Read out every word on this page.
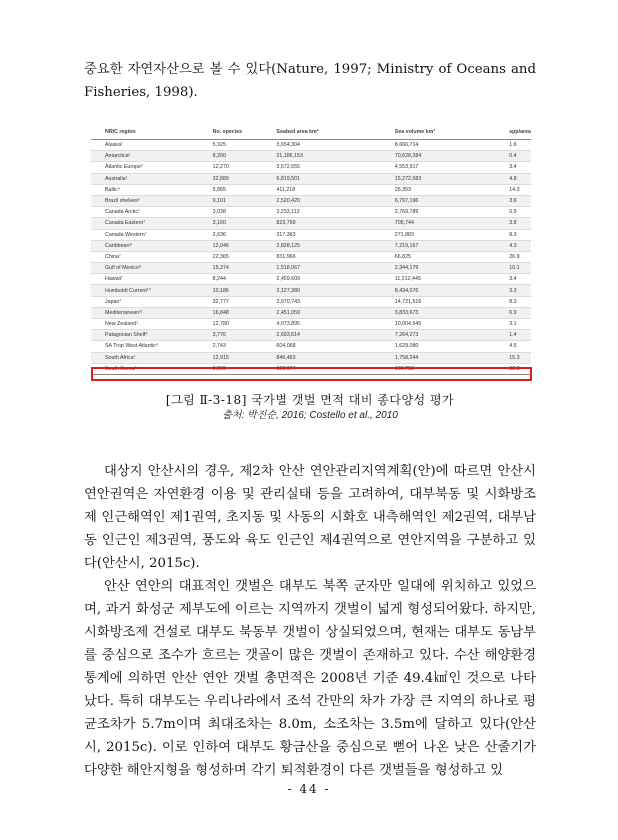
중요한 자연자산으로 볼 수 있다(Nature, 1997; Ministry of Oceans and Fisheries, 1998).

NRIC region	No. species	Seabed area km²	Sea volume km³	spp/area
Alaska¹	5,925	3,654,304	8,666,714	1.6
Antarctica²	8,200	21,186,153	70,628,284	0.4
Atlantic Europe³	12,270	3,572,655	4,553,917	3.4
Australia¹	32,889	6,819,501	15,272,583	4.8
Baltic⁵	5,865	411,218	26,353	14.3
Brazil shelves⁶	9,101	2,520,420	6,797,196	3.6
Canada Arctic⁷	3,038	3,233,113	2,769,789	0.9
Canada Eastern⁷	3,160	823,799	705,744	3.8
Canada Western⁷	2,636	317,363	271,883	8.3
Caribbean⁸	12,046	2,828,125	7,219,167	4.3
China⁷	22,365	831,966	66,825	26.9
Gulf of Mexico⁹	15,374	1,518,067	2,344,179	10.1
Hawaii⁷	8,244	2,459,609	11,212,445	3.4
Humboldt Current¹⁰	10,186	3,127,380	8,434,076	3.3
Japan⁷	32,777	3,970,743	14,721,516	8.3
Mediterranean¹¹	16,848	2,451,059	3,833,673	6.9
New Zealand¹	12,780	4,073,895	10,004,545	3.1
Patagonian Shelf⁶	3,776	2,693,614	7,264,273	1.4
SA Trop West Atlantic⁶	2,743	604,068	1,629,080	4.5
South Africa⁷	12,915	846,463	1,758,244	15.3
South Korea⁷	9,900	306,674	166,752	32.3
[그림 Ⅱ-3-18] 국가별 갯벌 면적 대비 종다양성 평가
출처: 박진순, 2016; Costello et al., 2010

대상지 안산시의 경우, 제2차 안산 연안관리지역계획(안)에 따르면 안산시 연안권역은 자연환경 이용 및 관리실태 등을 고려하여, 대부북동 및 시화방조제 인근해역인 제1권역, 초지동 및 사동의 시화호 내측해역인 제2권역, 대부남동 인근인 제3권역, 풍도와 육도 인근인 제4권역으로 연안지역을 구분하고 있다(안산시, 2015c).

안산 연안의 대표적인 갯벌은 대부도 북쪽 군자만 일대에 위치하고 있었으며, 과거 화성군 제부도에 이르는 지역까지 갯벌이 넓게 형성되어왔다. 하지만, 시화방조제 건설로 대부도 북동부 갯벌이 상실되었으며, 현재는 대부도 동남부를 중심으로 조수가 흐르는 갯골이 많은 갯벌이 존재하고 있다. 수산 해양환경통계에 의하면 안산 연안 갯벌 총면적은 2008년 기준 49.4㎢인 것으로 나타났다. 특히 대부도는 우리나라에서 조석 간만의 차가 가장 큰 지역의 하나로 평균조차가 5.7m이며 최대조차는 8.0m, 소조차는 3.5m에 달하고 있다(안산시, 2015c). 이로 인하여 대부도 황금산을 중심으로 뻗어 나온 낮은 산줄기가 다양한 해안지형을 형성하며 각기 퇴적환경이 다른 갯벌들을 형성하고 있

- 44 -
